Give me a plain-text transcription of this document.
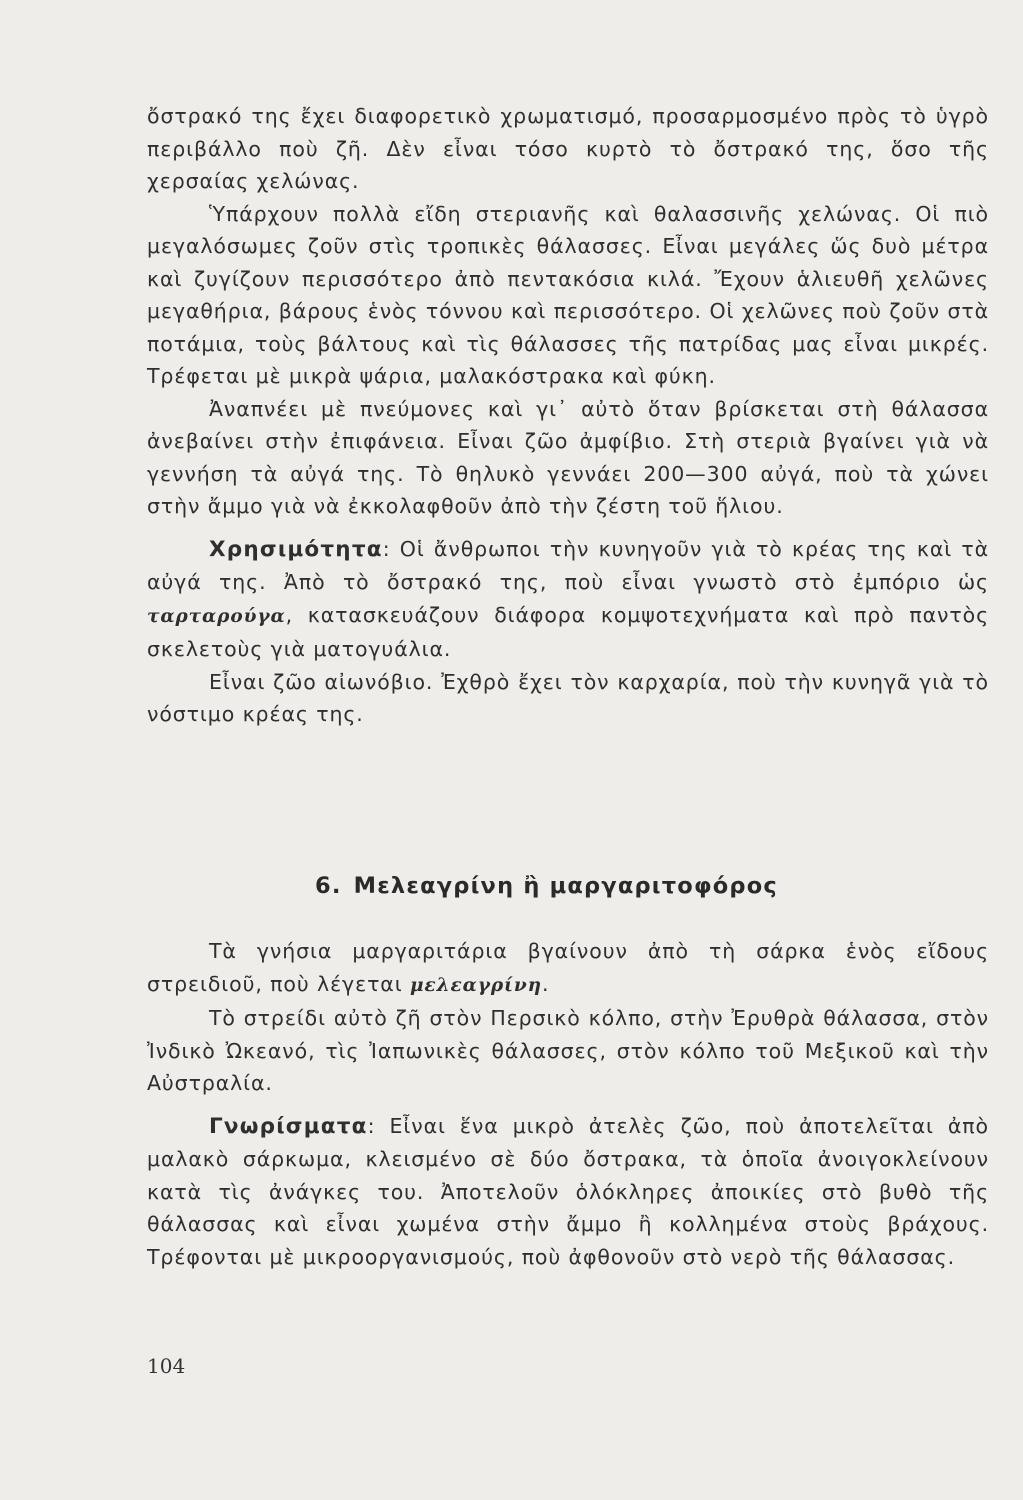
ὄστρακό της ἔχει διαφορετικὸ χρωματισμό, προσαρμοσμένο πρὸς τὸ ὑγρὸ περιβάλλο ποὺ ζῆ. Δὲν εἶναι τόσο κυρτὸ τὸ ὄστρακό της, ὅσο τῆς χερσαίας χελώνας.

Ὑπάρχουν πολλὰ εἴδη στεριανῆς καὶ θαλασσινῆς χελώνας. Οἱ πιὸ μεγαλόσωμες ζοῦν στὶς τροπικὲς θάλασσες. Εἶναι μεγάλες ὥς δυὸ μέτρα καὶ ζυγίζουν περισσότερο ἀπὸ πεντακόσια κιλά. Ἔχουν ἁλιευθῆ χελῶνες μεγαθήρια, βάρους ἑνὸς τόννου καὶ περισσότερο. Οἱ χελῶνες ποὺ ζοῦν στὰ ποτάμια, τοὺς βάλτους καὶ τὶς θάλασσες τῆς πατρίδας μας εἶναι μικρές. Τρέφεται μὲ μικρὰ ψάρια, μαλακόστρακα καὶ φύκη.

Ἀναπνέει μὲ πνεύμονες καὶ γι᾿ αὐτὸ ὅταν βρίσκεται στὴ θάλασσα ἀνεβαίνει στὴν ἐπιφάνεια. Εἶναι ζῶο ἀμφίβιο. Στὴ στεριὰ βγαίνει γιὰ νὰ γεννήση τὰ αὐγά της. Τὸ θηλυκὸ γεννάει 200—300 αὐγά, ποὺ τὰ χώνει στὴν ἄμμο γιὰ νὰ ἐκκολαφθοῦν ἀπὸ τὴν ζέστη τοῦ ἥλιου.

Χρησιμότητα: Οἱ ἄνθρωποι τὴν κυνηγοῦν γιὰ τὸ κρέας της καὶ τὰ αὐγά της. Ἀπὸ τὸ ὄστρακό της, ποὺ εἶναι γνωστὸ στὸ ἐμπόριο ὡς ταρταρούγα, κατασκευάζουν διάφορα κομψοτεχνήματα καὶ πρὸ παντὸς σκελετοὺς γιὰ ματογυάλια.

Εἶναι ζῶο αἰωνόβιο. Ἐχθρὸ ἔχει τὸν καρχαρία, ποὺ τὴν κυνηγᾶ γιὰ τὸ νόστιμο κρέας της.

6. Μελεαγρίνη ἢ μαργαριτοφόρος

Τὰ γνήσια μαργαριτάρια βγαίνουν ἀπὸ τὴ σάρκα ἑνὸς εἴδους στρειδιοῦ, ποὺ λέγεται μελεαγρίνη.

Τὸ στρείδι αὐτὸ ζῆ στὸν Περσικὸ κόλπο, στὴν Ἐρυθρὰ θάλασσα, στὸν Ἰνδικὸ Ὠκεανό, τὶς Ἰαπωνικὲς θάλασσες, στὸν κόλπο τοῦ Μεξικοῦ καὶ τὴν Αὐστραλία.

Γνωρίσματα: Εἶναι ἕνα μικρὸ ἀτελὲς ζῶο, ποὺ ἀποτελεῖται ἀπὸ μαλακὸ σάρκωμα, κλεισμένο σὲ δύο ὄστρακα, τὰ ὁποῖα ἀνοιγοκλείνουν κατὰ τὶς ἀνάγκες του. Ἀποτελοῦν ὁλόκληρες ἀποικίες στὸ βυθὸ τῆς θάλασσας καὶ εἶναι χωμένα στὴν ἄμμο ἢ κολλημένα στοὺς βράχους. Τρέφονται μὲ μικροοργανισμούς, ποὺ ἀφθονοῦν στὸ νερὸ τῆς θάλασσας.

104
